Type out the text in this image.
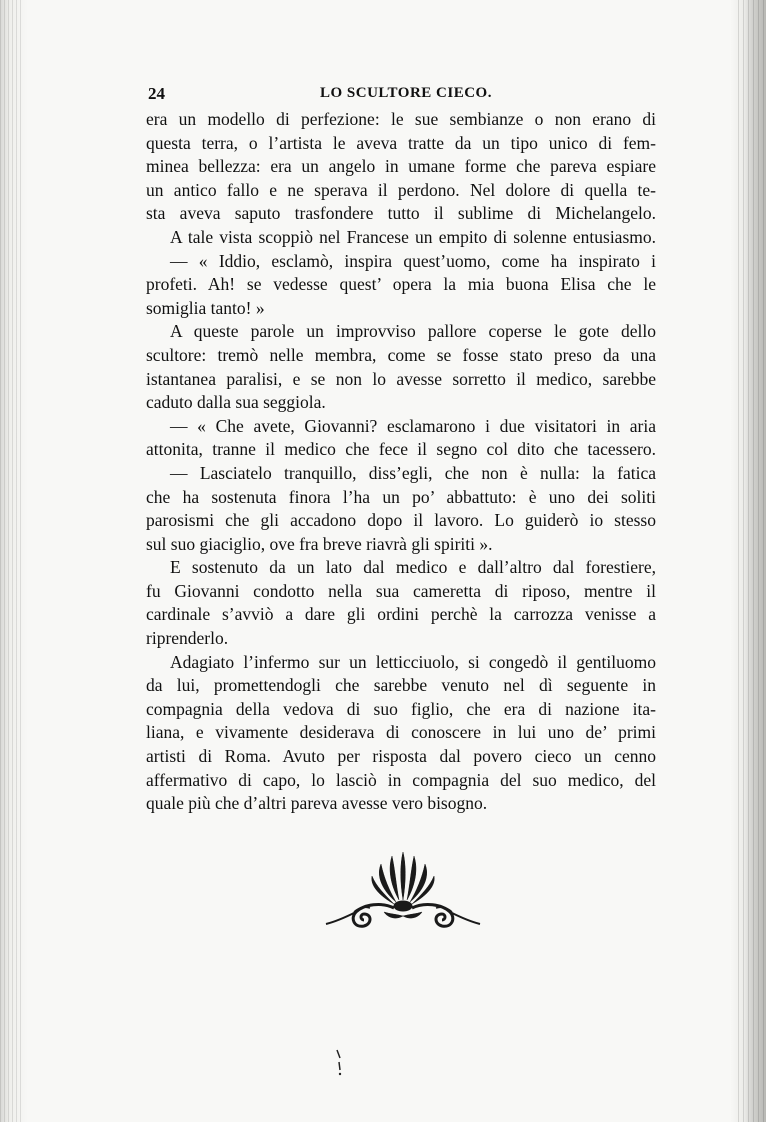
24	LO SCULTORE CIECO.
era un modello di perfezione: le sue sembianze o non erano di
questa terra, o l’artista le aveva tratte da un tipo unico di fem-
minea bellezza: era un angelo in umane forme che pareva espiare
un antico fallo e ne sperava il perdono. Nel dolore di quella te-
sta aveva saputo trasfondere tutto il sublime di Michelangelo.
A tale vista scoppiò nel Francese un empito di solenne entusiasmo.
— « Iddio, esclamò, inspira quest’uomo, come ha inspirato i
profeti. Ah! se vedesse quest’ opera la mia buona Elisa che le
somiglia tanto! »
A queste parole un improvviso pallore coperse le gote dello
scultore: tremò nelle membra, come se fosse stato preso da una
istantanea paralisi, e se non lo avesse sorretto il medico, sarebbe
caduto dalla sua seggiola.
— « Che avete, Giovanni? esclamarono i due visitatori in aria
attonita, tranne il medico che fece il segno col dito che tacessero.
— Lasciatelo tranquillo, diss’egli, che non è nulla: la fatica
che ha sostenuta finora l’ha un po’ abbattuto: è uno dei soliti
parosismi che gli accadono dopo il lavoro. Lo guiderò io stesso
sul suo giaciglio, ove fra breve riavrà gli spiriti ».
E sostenuto da un lato dal medico e dall’altro dal forestiere,
fu Giovanni condotto nella sua cameretta di riposo, mentre il
cardinale s’avviò a dare gli ordini perchè la carrozza venisse a
riprenderlo.
Adagiato l’infermo sur un letticciuolo, si congedò il gentiluomo
da lui, promettendogli che sarebbe venuto nel dì seguente in
compagnia della vedova di suo figlio, che era di nazione ita-
liana, e vivamente desiderava di conoscere in lui uno de’ primi
artisti di Roma. Avuto per risposta dal povero cieco un cenno
affermativo di capo, lo lasciò in compagnia del suo medico, del
quale più che d’altri pareva avesse vero bisogno.
